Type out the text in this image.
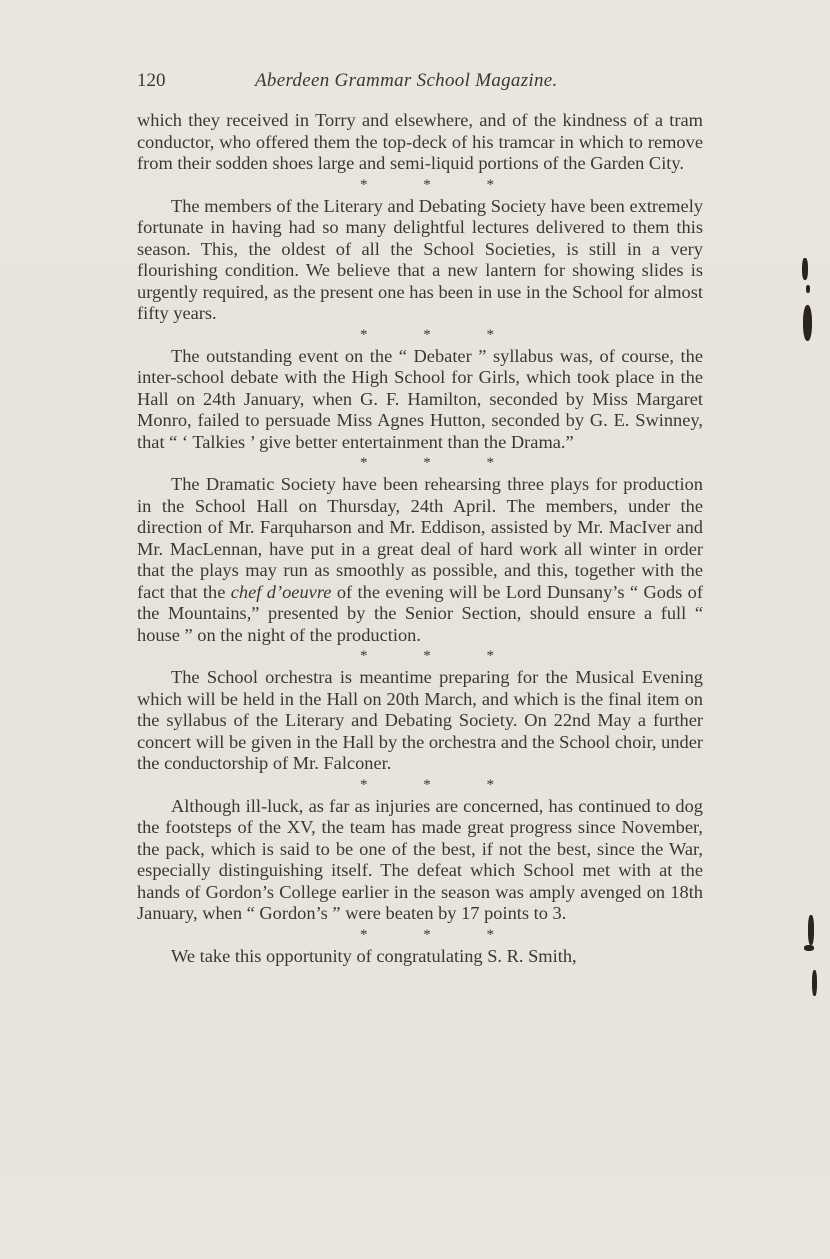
120	Aberdeen Grammar School Magazine.

which they received in Torry and elsewhere, and of the kindness of a tram conductor, who offered them the top-deck of his tramcar in which to remove from their sodden shoes large and semi-liquid portions of the Garden City.

* * *

The members of the Literary and Debating Society have been extremely fortunate in having had so many delightful lectures delivered to them this season. This, the oldest of all the School Societies, is still in a very flourishing condition. We believe that a new lantern for showing slides is urgently required, as the present one has been in use in the School for almost fifty years.

* * *

The outstanding event on the “ Debater ” syllabus was, of course, the inter-school debate with the High School for Girls, which took place in the Hall on 24th January, when G. F. Hamilton, seconded by Miss Margaret Monro, failed to persuade Miss Agnes Hutton, seconded by G. E. Swinney, that “ ‘ Talkies ’ give better entertainment than the Drama.”

* * *

The Dramatic Society have been rehearsing three plays for production in the School Hall on Thursday, 24th April. The members, under the direction of Mr. Farquharson and Mr. Eddison, assisted by Mr. MacIver and Mr. MacLennan, have put in a great deal of hard work all winter in order that the plays may run as smoothly as possible, and this, together with the fact that the chef d’oeuvre of the evening will be Lord Dunsany’s “ Gods of the Mountains,” presented by the Senior Section, should ensure a full “ house ” on the night of the production.

* * *

The School orchestra is meantime preparing for the Musical Evening which will be held in the Hall on 20th March, and which is the final item on the syllabus of the Literary and Debating Society. On 22nd May a further concert will be given in the Hall by the orchestra and the School choir, under the conductorship of Mr. Falconer.

* * *

Although ill-luck, as far as injuries are concerned, has continued to dog the footsteps of the XV, the team has made great progress since November, the pack, which is said to be one of the best, if not the best, since the War, especially distinguishing itself. The defeat which School met with at the hands of Gordon’s College earlier in the season was amply avenged on 18th January, when “ Gordon’s ” were beaten by 17 points to 3.

* * *

We take this opportunity of congratulating S. R. Smith,
